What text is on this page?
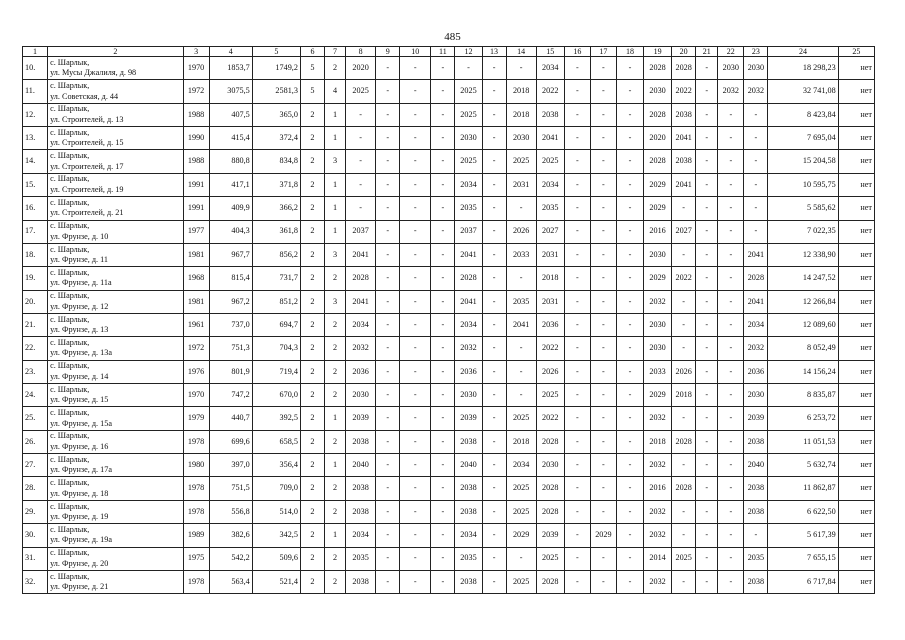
485
1	2	3	4	5	6	7	8	9	10	11	12	13	14	15	16	17	18	19	20	21	22	23	24	25
10.	с. Шарлык,
ул. Мусы Джалиля, д. 98	1970	1853,7	1749,2	5	2	2020	-	-	-	-	-	-	2034	-	-	-	2028	2028	-	2030	2030	18 298,23	нет
11.	с. Шарлык,
ул. Советская, д. 44	1972	3075,5	2581,3	5	4	2025	-	-	-	2025	-	2018	2022	-	-	-	2030	2022	-	2032	2032	32 741,08	нет
12.	с. Шарлык,
ул. Строителей, д. 13	1988	407,5	365,0	2	1	-	-	-	-	2025	-	2018	2038	-	-	-	2028	2038	-	-	-	8 423,84	нет
13.	с. Шарлык,
ул. Строителей, д. 15	1990	415,4	372,4	2	1	-	-	-	-	2030	-	2030	2041	-	-	-	2020	2041	-	-	-	7 695,04	нет
14.	с. Шарлык,
ул. Строителей, д. 17	1988	880,8	834,8	2	3	-	-	-	-	2025	-	2025	2025	-	-	-	2028	2038	-	-	-	15 204,58	нет
15.	с. Шарлык,
ул. Строителей, д. 19	1991	417,1	371,8	2	1	-	-	-	-	2034	-	2031	2034	-	-	-	2029	2041	-	-	-	10 595,75	нет
16.	с. Шарлык,
ул. Строителей, д. 21	1991	409,9	366,2	2	1	-	-	-	-	2035	-	-	2035	-	-	-	2029	-	-	-	-	5 585,62	нет
17.	с. Шарлык,
ул. Фрунзе, д. 10	1977	404,3	361,8	2	1	2037	-	-	-	2037	-	2026	2027	-	-	-	2016	2027	-	-	-	7 022,35	нет
18.	с. Шарлык,
ул. Фрунзе, д. 11	1981	967,7	856,2	2	3	2041	-	-	-	2041	-	2033	2031	-	-	-	2030	-	-	-	2041	12 338,90	нет
19.	с. Шарлык,
ул. Фрунзе, д. 11а	1968	815,4	731,7	2	2	2028	-	-	-	2028	-	-	2018	-	-	-	2029	2022	-	-	2028	14 247,52	нет
20.	с. Шарлык,
ул. Фрунзе, д. 12	1981	967,2	851,2	2	3	2041	-	-	-	2041	-	2035	2031	-	-	-	2032	-	-	-	2041	12 266,84	нет
21.	с. Шарлык,
ул. Фрунзе, д. 13	1961	737,0	694,7	2	2	2034	-	-	-	2034	-	2041	2036	-	-	-	2030	-	-	-	2034	12 089,60	нет
22.	с. Шарлык,
ул. Фрунзе, д. 13а	1972	751,3	704,3	2	2	2032	-	-	-	2032	-	-	2022	-	-	-	2030	-	-	-	2032	8 052,49	нет
23.	с. Шарлык,
ул. Фрунзе, д. 14	1976	801,9	719,4	2	2	2036	-	-	-	2036	-	-	2026	-	-	-	2033	2026	-	-	2036	14 156,24	нет
24.	с. Шарлык,
ул. Фрунзе, д. 15	1970	747,2	670,0	2	2	2030	-	-	-	2030	-	-	2025	-	-	-	2029	2018	-	-	2030	8 835,87	нет
25.	с. Шарлык,
ул. Фрунзе, д. 15а	1979	440,7	392,5	2	1	2039	-	-	-	2039	-	2025	2022	-	-	-	2032	-	-	-	2039	6 253,72	нет
26.	с. Шарлык,
ул. Фрунзе, д. 16	1978	699,6	658,5	2	2	2038	-	-	-	2038	-	2018	2028	-	-	-	2018	2028	-	-	2038	11 051,53	нет
27.	с. Шарлык,
ул. Фрунзе, д. 17а	1980	397,0	356,4	2	1	2040	-	-	-	2040	-	2034	2030	-	-	-	2032	-	-	-	2040	5 632,74	нет
28.	с. Шарлык,
ул. Фрунзе, д. 18	1978	751,5	709,0	2	2	2038	-	-	-	2038	-	2025	2028	-	-	-	2016	2028	-	-	2038	11 862,87	нет
29.	с. Шарлык,
ул. Фрунзе, д. 19	1978	556,8	514,0	2	2	2038	-	-	-	2038	-	2025	2028	-	-	-	2032	-	-	-	2038	6 622,50	нет
30.	с. Шарлык,
ул. Фрунзе, д. 19а	1989	382,6	342,5	2	1	2034	-	-	-	2034	-	2029	2039	-	2029	-	2032	-	-	-	-	5 617,39	нет
31.	с. Шарлык,
ул. Фрунзе, д. 20	1975	542,2	509,6	2	2	2035	-	-	-	2035	-	-	2025	-	-	-	2014	2025	-	-	2035	7 655,15	нет
32.	с. Шарлык,
ул. Фрунзе, д. 21	1978	563,4	521,4	2	2	2038	-	-	-	2038	-	2025	2028	-	-	-	2032	-	-	-	2038	6 717,84	нет
